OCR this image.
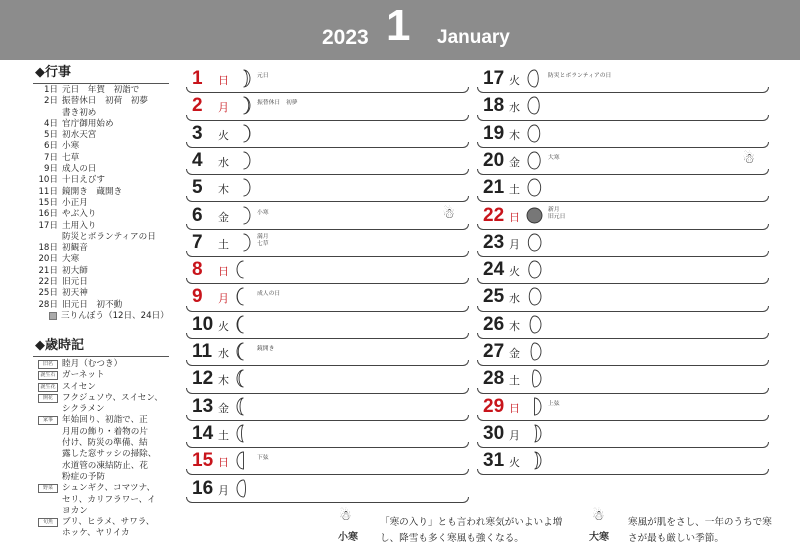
2023 1 January
◆行事
1日 元日　年賀　初詣で
2日 振替休日　初荷　初夢
書き初め
4日 官庁御用始め
5日 初水天宮
6日 小寒
7日 七草
9日 成人の日
10日 十日えびす
11日 鏡開き　蔵開き
15日 小正月
16日 やぶ入り
17日 土用入り
防災とボランティアの日
18日 初観音
20日 大寒
21日 初大師
22日 旧元日
25日 初天神
28日 旧元日　初不動
三りんぼう（12日、24日）
◆歳時記
旧名	睦月（むつき）
誕生石 ガーネット
誕生花 スイセン
開花	フクジュソウ、スイセン、
シクラメン
家事	年始回り、初詣で、正
月用の飾り・着物の片
付け、防災の準備、結
露した窓サッシの掃除、
水道管の凍結防止、花
粉症の予防
野菜	シュンギク、コマツナ、
セリ、カリフラワー、イ
ヨカン
旬魚	ブリ、ヒラメ、サワラ、
ホッケ、ヤリイカ
1 日	元日
2 月	振替休日　初夢
3 火
4 水
5 木
6 金	小寒	☃
7 土
満月
七草
8 日
9 月	成人の日
10 火
11 水	鏡開き
12 木
13 金
14 土
15 日	下弦
16 月
17 火	防災とボランティアの日
18 水
19 木
20 金	大寒	☃
21 土
22 日
新月
旧元日
23 月
24 火
25 水
26 木
27 金
28 土
29 日	上弦
30 月
31 火
☃
小寒
「寒の入り」とも言われ寒気がいよいよ増し、降雪も多く寒風も強くなる。
☃
大寒
寒風が肌をさし、一年のうちで寒さが最も厳しい季節。
